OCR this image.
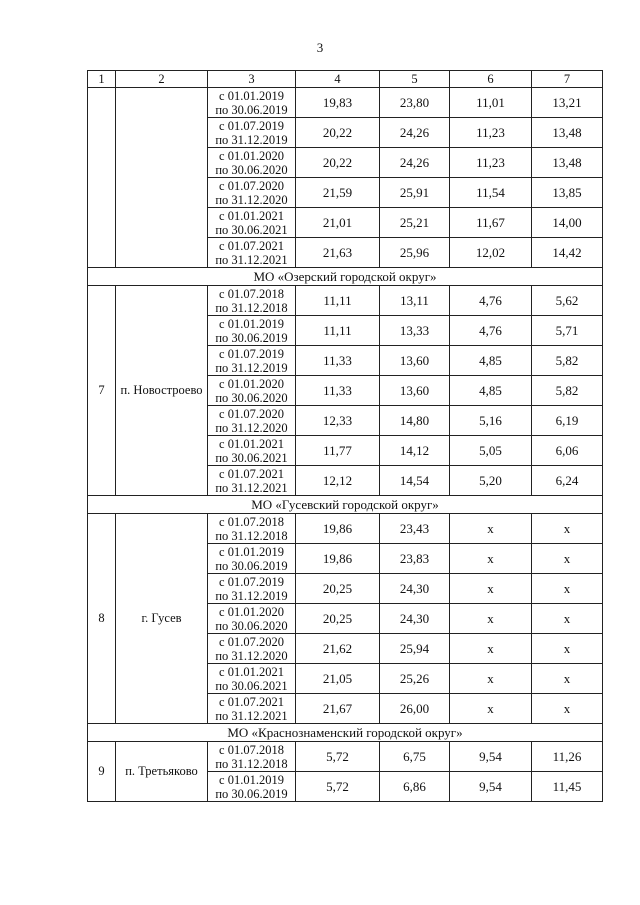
3
1	2	3	4	5	6	7

		с 01.01.2019
по 30.06.2019	19,83	23,80	11,01	13,21

		с 01.07.2019
по 31.12.2019	20,22	24,26	11,23	13,48

		с 01.01.2020
по 30.06.2020	20,22	24,26	11,23	13,48

		с 01.07.2020
по 31.12.2020	21,59	25,91	11,54	13,85

		с 01.01.2021
по 30.06.2021	21,01	25,21	11,67	14,00

		с 01.07.2021
по 31.12.2021	21,63	25,96	12,02	14,42
МО «Озерский городской округ»						
7	п. Новостроево	с 01.07.2018
по 31.12.2018	11,11	13,11	4,76	5,62

		с 01.01.2019
по 30.06.2019	11,11	13,33	4,76	5,71

		с 01.07.2019
по 31.12.2019	11,33	13,60	4,85	5,82

		с 01.01.2020
по 30.06.2020	11,33	13,60	4,85	5,82

		с 01.07.2020
по 31.12.2020	12,33	14,80	5,16	6,19

		с 01.01.2021
по 30.06.2021	11,77	14,12	5,05	6,06

		с 01.07.2021
по 31.12.2021	12,12	14,54	5,20	6,24
МО «Гусевский городской округ»						
8	г. Гусев	с 01.07.2018
по 31.12.2018	19,86	23,43	x	x

		с 01.01.2019
по 30.06.2019	19,86	23,83	x	x

		с 01.07.2019
по 31.12.2019	20,25	24,30	x	x

		с 01.01.2020
по 30.06.2020	20,25	24,30	x	x

		с 01.07.2020
по 31.12.2020	21,62	25,94	x	x

		с 01.01.2021
по 30.06.2021	21,05	25,26	x	x

		с 01.07.2021
по 31.12.2021	21,67	26,00	x	x
МО «Краснознаменский городской округ»						
9	п. Третьяково	с 01.07.2018
по 31.12.2018	5,72	6,75	9,54	11,26

		с 01.01.2019
по 30.06.2019	5,72	6,86	9,54	11,45
